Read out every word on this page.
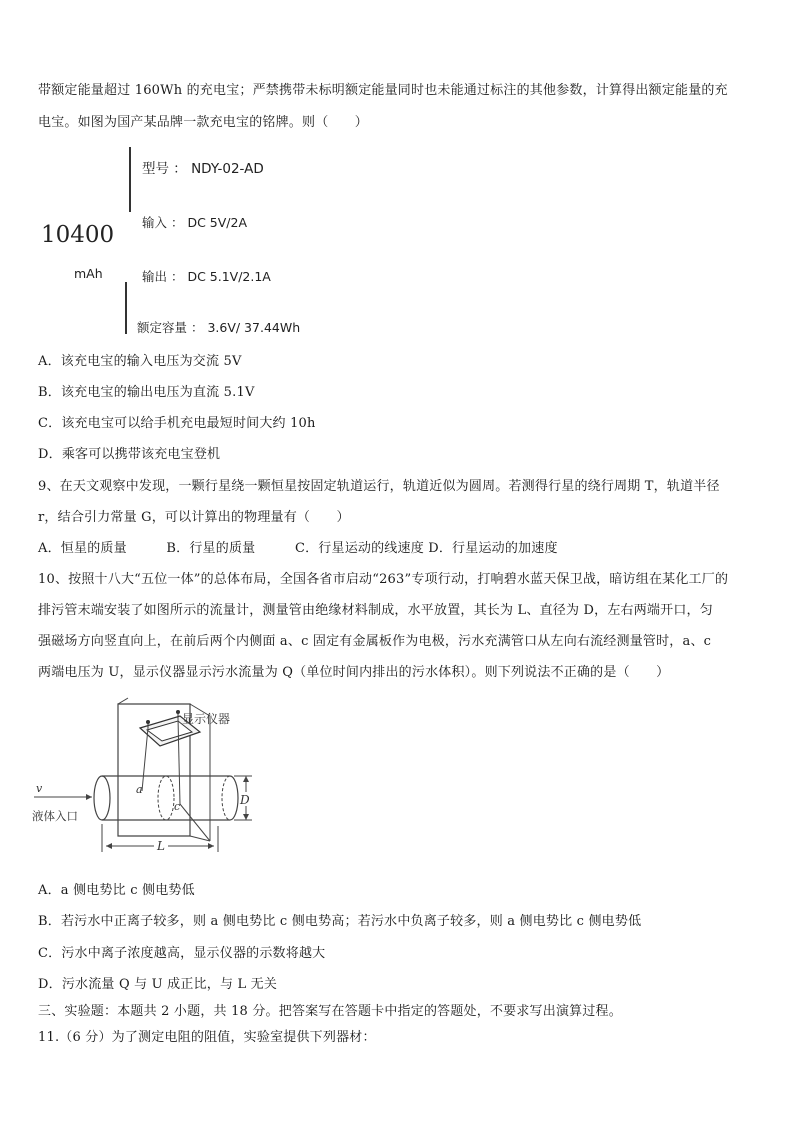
带额定能量超过 160Wh 的充电宝；严禁携带未标明额定能量同时也未能通过标注的其他参数，计算得出额定能量的充
电宝。如图为国产某品牌一款充电宝的铭牌。则（　　）
型号 ： NDY-02-AD
10400
mAh
输入 ： DC 5V/2A
输出 ： DC 5.1V/2.1A
额定容量 ： 3.6V/ 37.44Wh
A．该充电宝的输入电压为交流 5V
B．该充电宝的输出电压为直流 5.1V
C．该充电宝可以给手机充电最短时间大约 10h
D．乘客可以携带该充电宝登机
9、在天文观察中发现，一颗行星绕一颗恒星按固定轨道运行，轨道近似为圆周。若测得行星的绕行周期 T，轨道半径
r，结合引力常量 G，可以计算出的物理量有（　　）
A．恒星的质量　　　B．行星的质量　　　C．行星运动的线速度 D．行星运动的加速度
10、按照十八大“五位一体”的总体布局，全国各省市启动“263”专项行动，打响碧水蓝天保卫战，暗访组在某化工厂的
排污管末端安装了如图所示的流量计，测量管由绝缘材料制成，水平放置，其长为 L、直径为 D，左右两端开口，匀
强磁场方向竖直向上，在前后两个内侧面 a、c 固定有金属板作为电极，污水充满管口从左向右流经测量管时，a、c
两端电压为 U，显示仪器显示污水流量为 Q（单位时间内排出的污水体积）。则下列说法不正确的是（　　）
显示仪器
a
c
v
液体入口
D
L
A．a 侧电势比 c 侧电势低
B．若污水中正离子较多，则 a 侧电势比 c 侧电势高；若污水中负离子较多，则 a 侧电势比 c 侧电势低
C．污水中离子浓度越高，显示仪器的示数将越大
D．污水流量 Q 与 U 成正比，与 L 无关
三、实验题：本题共 2 小题，共 18 分。把答案写在答题卡中指定的答题处，不要求写出演算过程。
11.（6 分）为了测定电阻的阻值，实验室提供下列器材：
